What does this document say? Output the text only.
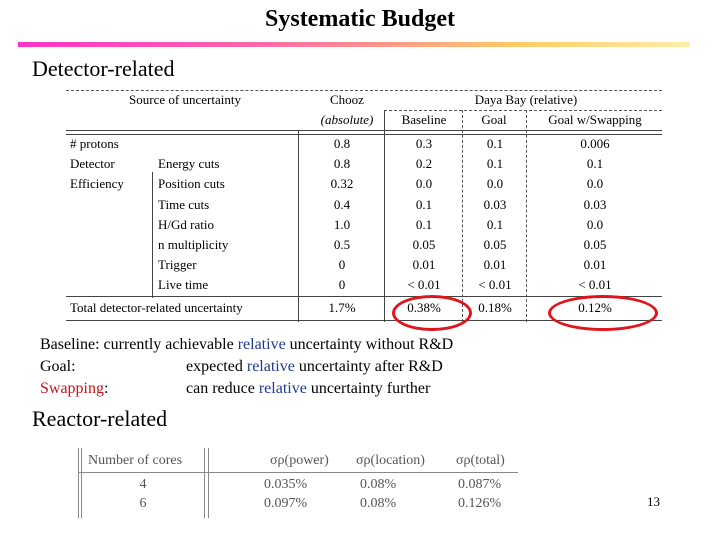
Systematic Budget
Detector-related
Source of uncertainty	Chooz
(absolute)
Daya Bay (relative)
Baseline	Goal	Goal w/Swapping
# protons	0.8	0.3	0.1	0.006
Detector	Energy cuts	0.8	0.2	0.1	0.1
Efficiency	Position cuts	0.32	0.0	0.0	0.0
Time cuts	0.4	0.1	0.03	0.03
H/Gd ratio	1.0	0.1	0.1	0.0
n multiplicity	0.5	0.05	0.05	0.05
Trigger	0	0.01	0.01	0.01
Live time	0	< 0.01	< 0.01	< 0.01
Total detector-related uncertainty	1.7%	0.38%	0.18%	0.12%
Baseline: currently achievable relative uncertainty without R&D
Goal:	expected relative uncertainty after R&D
Swapping:	can reduce relative uncertainty further
Reactor-related
Number of cores	σρ(power) σρ(location) σρ(total)
4	0.035%	0.08%	0.087%
6	0.097%	0.08%	0.126%	13
